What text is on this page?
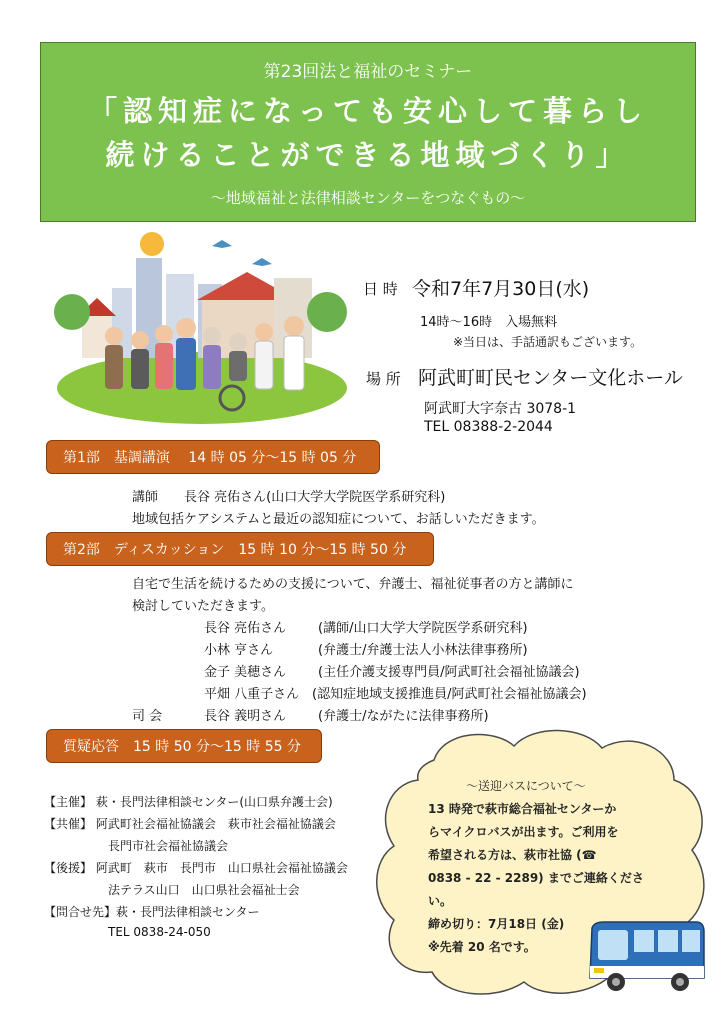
第23回法と福祉のセミナー
「認知症になっても安心して暮らし
続けることができる地域づくり」
〜地域福祉と法律相談センターをつなぐもの〜
日 時 令和7年7月30日(水)
14時〜16時　入場無料
※当日は、手話通訳もございます。
場 所 阿武町町民センター文化ホール
阿武町大字奈古 3078-1
TEL 08388-2-2044
第1部　基調講演　 14 時 05 分〜15 時 05 分
講師　　長谷 亮佑さん(山口大学大学院医学系研究科)
地域包括ケアシステムと最近の認知症について、お話しいただきます。
第2部　ディスカッション　15 時 10 分〜15 時 50 分
自宅で生活を続けるための支援について、弁護士、福祉従事者の方と講師に
検討していただきます。
長谷 亮佑さん (講師/山口大学大学院医学系研究科)
小林 亨さん	(弁護士/弁護士法人小林法律事務所)
金子 美穂さん (主任介護支援専門員/阿武町社会福祉協議会)
平畑 八重子さん (認知症地域支援推進員/阿武町社会福祉協議会)
司 会	長谷 義明さん (弁護士/ながたに法律事務所)
質疑応答　15 時 50 分〜15 時 55 分
【主催】 萩・長門法律相談センター(山口県弁護士会)
【共催】 阿武町社会福祉協議会　萩市社会福祉協議会
長門市社会福祉協議会
【後援】 阿武町　萩市　長門市　山口県社会福祉協議会
法テラス山口　山口県社会福祉士会
【問合せ先】萩・長門法律相談センター
TEL 0838-24-050
〜送迎バスについて〜
13 時発で萩市総合福祉センターか
らマイクロバスが出ます。ご利用を
希望される方は、萩市社協 (☎
0838 - 22 - 2289) までご連絡くださ
い。
締め切り：7月18日 (金)
※先着 20 名です。
